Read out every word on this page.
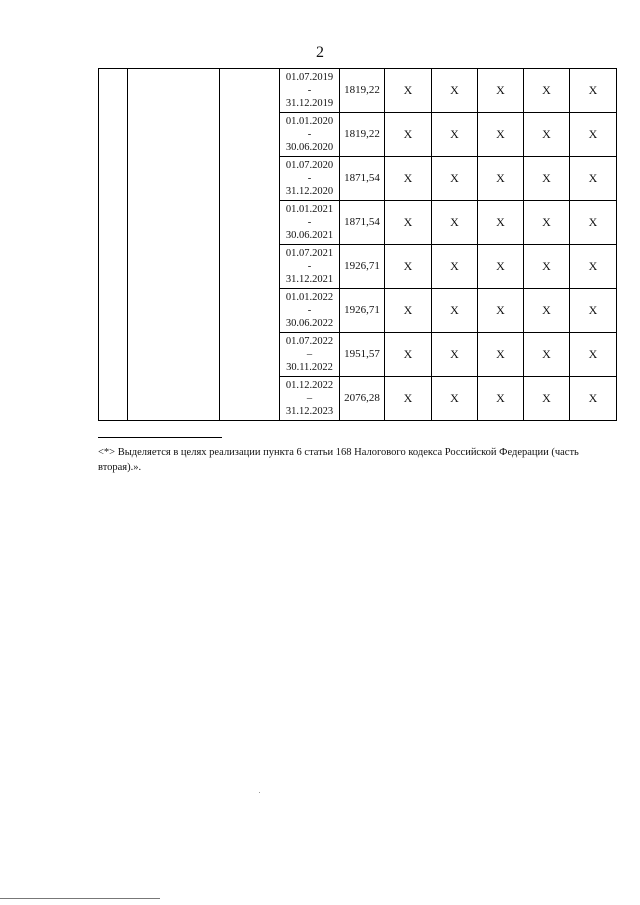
2

			01.07.2019
-
31.12.2019	1819,22	X	X	X	X	X

			01.01.2020
-
30.06.2020	1819,22	X	X	X	X	X

			01.07.2020
-
31.12.2020	1871,54	X	X	X	X	X

			01.01.2021
-
30.06.2021	1871,54	X	X	X	X	X

			01.07.2021
-
31.12.2021	1926,71	X	X	X	X	X

			01.01.2022
-
30.06.2022	1926,71	X	X	X	X	X

			01.07.2022
–
30.11.2022	1951,57	X	X	X	X	X

			01.12.2022
–
31.12.2023	2076,28	X	X	X	X	X
<*> Выделяется в целях реализации пункта 6 статьи 168 Налогового кодекса Российской Федерации (часть вторая).».
